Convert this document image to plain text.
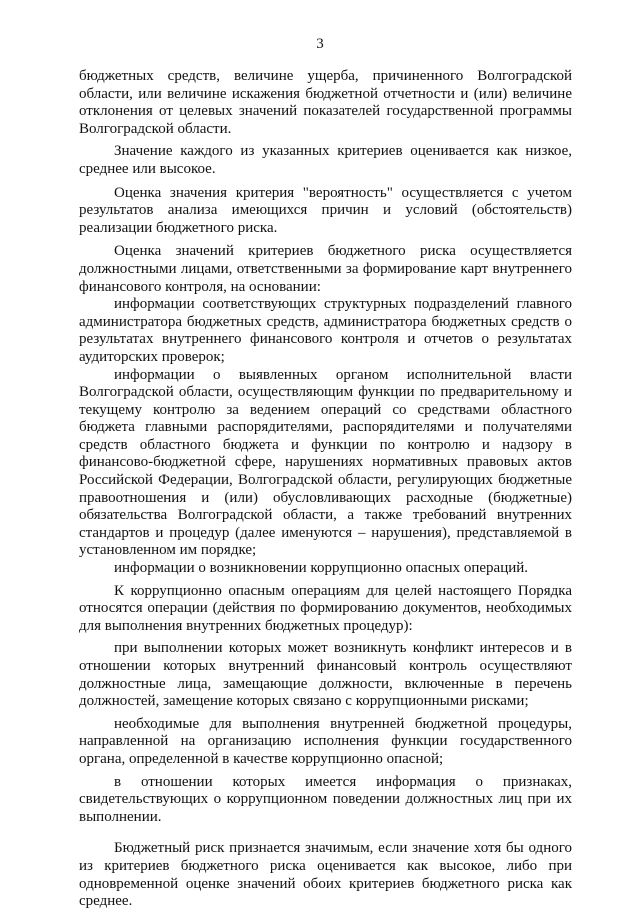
3

бюджетных средств, величине ущерба, причиненного Волгоградской области, или величине искажения бюджетной отчетности и (или) величине отклонения от целевых значений показателей государственной программы Волгоградской области.

Значение каждого из указанных критериев оценивается как низкое, среднее или высокое.

Оценка значения критерия "вероятность" осуществляется с учетом результатов анализа имеющихся причин и условий (обстоятельств) реализации бюджетного риска.

Оценка значений критериев бюджетного риска осуществляется должностными лицами, ответственными за формирование карт внутреннего финансового контроля, на основании:

информации соответствующих структурных подразделений главного администратора бюджетных средств, администратора бюджетных средств о результатах внутреннего финансового контроля и отчетов о результатах аудиторских проверок;

информации о выявленных органом исполнительной власти Волгоградской области, осуществляющим функции по предварительному и текущему контролю за ведением операций со средствами областного бюджета главными распорядителями, распорядителями и получателями средств областного бюджета и функции по контролю и надзору в финансово-бюджетной сфере, нарушениях нормативных правовых актов Российской Федерации, Волгоградской области, регулирующих бюджетные правоотношения и (или) обусловливающих расходные (бюджетные) обязательства Волгоградской области, а также требований внутренних стандартов и процедур (далее именуются – нарушения), представляемой в установленном им порядке;

информации о возникновении коррупционно опасных операций.

К коррупционно опасным операциям для целей настоящего Порядка относятся операции (действия по формированию документов, необходимых для выполнения внутренних бюджетных процедур):

при выполнении которых может возникнуть конфликт интересов и в отношении которых внутренний финансовый контроль осуществляют должностные лица, замещающие должности, включенные в перечень должностей, замещение которых связано с коррупционными рисками;

необходимые для выполнения внутренней бюджетной процедуры, направленной на организацию исполнения функции государственного органа, определенной в качестве коррупционно опасной;

в отношении которых имеется информация о признаках, свидетельствующих о коррупционном поведении должностных лиц при их выполнении.

Бюджетный риск признается значимым, если значение хотя бы одного из критериев бюджетного риска оценивается как высокое, либо при одновременной оценке значений обоих критериев бюджетного риска как среднее.
